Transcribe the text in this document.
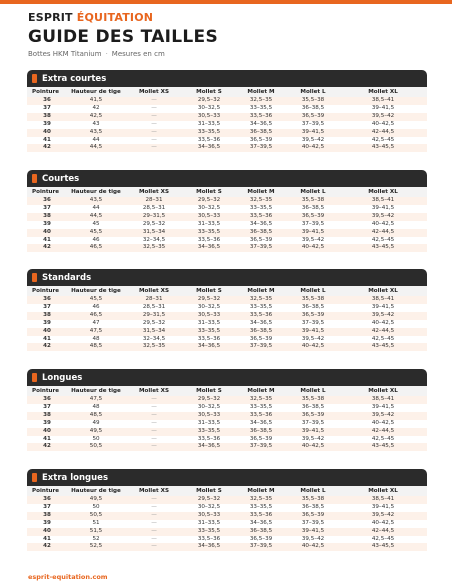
ESPRIT ÉQUITATION
GUIDE DES TAILLES
Bottes HKM Titanium · Mesures en cm
Extra courtes
Pointure	Hauteur de tige	Mollet XS	Mollet S	Mollet M	Mollet L	Mollet XL
36	41,5	—	29,5–32	32,5–35	35,5–38	38,5–41
37	42	—	30–32,5	33–35,5	36–38,5	39–41,5
38	42,5	—	30,5–33	33,5–36	36,5–39	39,5–42
39	43	—	31–33,5	34–36,5	37–39,5	40–42,5
40	43,5	—	33–35,5	36–38,5	39–41,5	42–44,5
41	44	—	33,5–36	36,5–39	39,5–42	42,5–45
42	44,5	—	34–36,5	37–39,5	40–42,5	43–45,5
Courtes
Pointure	Hauteur de tige	Mollet XS	Mollet S	Mollet M	Mollet L	Mollet XL
36	43,5	28–31	29,5–32	32,5–35	35,5–38	38,5–41
37	44	28,5–31	30–32,5	33–35,5	36–38,5	39–41,5
38	44,5	29–31,5	30,5–33	33,5–36	36,5–39	39,5–42
39	45	29,5–32	31–33,5	34–36,5	37–39,5	40–42,5
40	45,5	31,5–34	33–35,5	36–38,5	39–41,5	42–44,5
41	46	32–34,5	33,5–36	36,5–39	39,5–42	42,5–45
42	46,5	32,5–35	34–36,5	37–39,5	40–42,5	43–45,5
Standards
Pointure	Hauteur de tige	Mollet XS	Mollet S	Mollet M	Mollet L	Mollet XL
36	45,5	28–31	29,5–32	32,5–35	35,5–38	38,5–41
37	46	28,5–31	30–32,5	33–35,5	36–38,5	39–41,5
38	46,5	29–31,5	30,5–33	33,5–36	36,5–39	39,5–42
39	47	29,5–32	31–33,5	34–36,5	37–39,5	40–42,5
40	47,5	31,5–34	33–35,5	36–38,5	39–41,5	42–44,5
41	48	32–34,5	33,5–36	36,5–39	39,5–42	42,5–45
42	48,5	32,5–35	34–36,5	37–39,5	40–42,5	43–45,5
Longues
Pointure	Hauteur de tige	Mollet XS	Mollet S	Mollet M	Mollet L	Mollet XL
36	47,5	—	29,5–32	32,5–35	35,5–38	38,5–41
37	48	—	30–32,5	33–35,5	36–38,5	39–41,5
38	48,5	—	30,5–33	33,5–36	36,5–39	39,5–42
39	49	—	31–33,5	34–36,5	37–39,5	40–42,5
40	49,5	—	33–35,5	36–38,5	39–41,5	42–44,5
41	50	—	33,5–36	36,5–39	39,5–42	42,5–45
42	50,5	—	34–36,5	37–39,5	40–42,5	43–45,5
Extra longues
Pointure	Hauteur de tige	Mollet XS	Mollet S	Mollet M	Mollet L	Mollet XL
36	49,5	—	29,5–32	32,5–35	35,5–38	38,5–41
37	50	—	30–32,5	33–35,5	36–38,5	39–41,5
38	50,5	—	30,5–33	33,5–36	36,5–39	39,5–42
39	51	—	31–33,5	34–36,5	37–39,5	40–42,5
40	51,5	—	33–35,5	36–38,5	39–41,5	42–44,5
41	52	—	33,5–36	36,5–39	39,5–42	42,5–45
42	52,5	—	34–36,5	37–39,5	40–42,5	43–45,5
esprit-equitation.com
